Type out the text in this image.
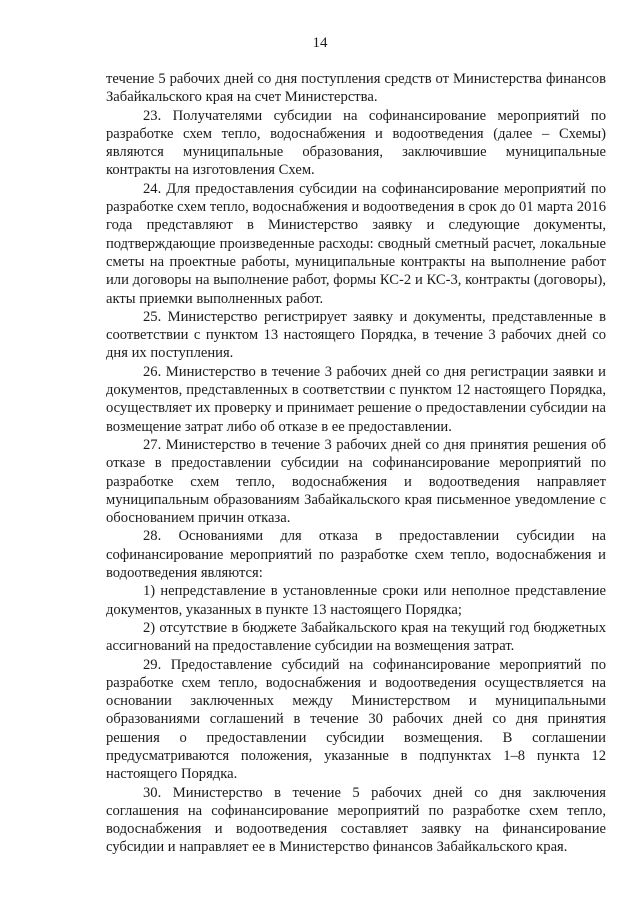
14

течение 5 рабочих дней со дня поступления средств от Министерства финансов Забайкальского края на счет Министерства.

23. Получателями субсидии на софинансирование мероприятий по разработке схем тепло, водоснабжения и водоотведения (далее – Схемы) являются муниципальные образования, заключившие муниципальные контракты на изготовления Схем.

24. Для предоставления субсидии на софинансирование мероприятий по разработке схем тепло, водоснабжения и водоотведения в срок до 01 марта 2016 года представляют в Министерство заявку и следующие документы, подтверждающие произведенные расходы: сводный сметный расчет, локальные сметы на проектные работы, муниципальные контракты на выполнение работ или договоры на выполнение работ, формы КС-2 и КС-3, контракты (договоры), акты приемки выполненных работ.

25. Министерство регистрирует заявку и документы, представленные в соответствии с пунктом 13 настоящего Порядка, в течение 3 рабочих дней со дня их поступления.

26. Министерство в течение 3 рабочих дней со дня регистрации заявки и документов, представленных в соответствии с пунктом 12 настоящего Порядка, осуществляет их проверку и принимает решение о предоставлении субсидии на возмещение затрат либо об отказе в ее предоставлении.

27. Министерство в течение 3 рабочих дней со дня принятия решения об отказе в предоставлении субсидии на софинансирование мероприятий по разработке схем тепло, водоснабжения и водоотведения направляет муниципальным образованиям Забайкальского края письменное уведомление с обоснованием причин отказа.

28. Основаниями для отказа в предоставлении субсидии на софинансирование мероприятий по разработке схем тепло, водоснабжения и водоотведения являются:

1) непредставление в установленные сроки или неполное представление документов, указанных в пункте 13 настоящего Порядка;

2) отсутствие в бюджете Забайкальского края на текущий год бюджетных ассигнований на предоставление субсидии на возмещения затрат.

29. Предоставление субсидий на софинансирование мероприятий по разработке схем тепло, водоснабжения и водоотведения осуществляется на основании заключенных между Министерством и муниципальными образованиями соглашений в течение 30 рабочих дней со дня принятия решения о предоставлении субсидии возмещения. В соглашении предусматриваются положения, указанные в подпунктах 1–8 пункта 12 настоящего Порядка.

30. Министерство в течение 5 рабочих дней со дня заключения соглашения на софинансирование мероприятий по разработке схем тепло, водоснабжения и водоотведения составляет заявку на финансирование субсидии и направляет ее в Министерство финансов Забайкальского края.
